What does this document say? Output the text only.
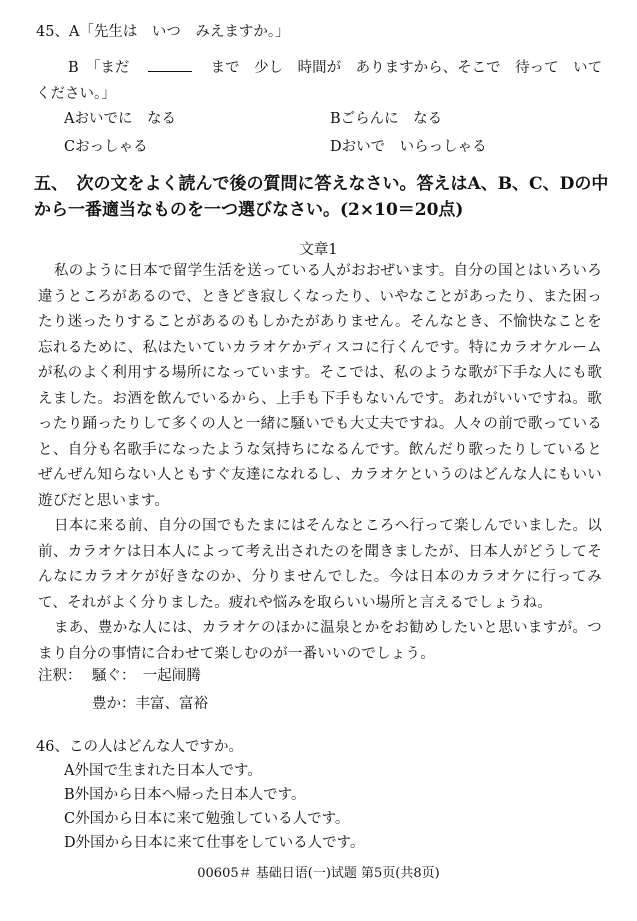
45、A「先生は　いつ　みえますか。」
B　「まだ	まで　少し　時間が　ありますから、そこで　待って　いて
ください。」
Aおいでに　なる	Bごらんに　なる
Cおっしゃる	Dおいで　いらっしゃる
五、　次の文をよく読んで後の質問に答えなさい。答えはA、B、C、Dの中
から一番適当なものを一つ選びなさい。(2×10＝20点)
文章1

私のように日本で留学生活を送っている人がおおぜいます。自分の国とはいろいろ違うところがあるので、ときどき寂しくなったり、いやなことがあったり、また困ったり迷ったりすることがあるのもしかたがありません。そんなとき、不愉快なことを忘れるために、私はたいていカラオケかディスコに行くんです。特にカラオケルームが私のよく利用する場所になっています。そこでは、私のような歌が下手な人にも歌えました。お酒を飲んでいるから、上手も下手もないんです。あれがいいですね。歌ったり踊ったりして多くの人と一緒に騒いでも大丈夫ですね。人々の前で歌っていると、自分も名歌手になったような気持ちになるんです。飲んだり歌ったりしているとぜんぜん知らない人ともすぐ友達になれるし、カラオケというのはどんな人にもいい遊びだと思います。

日本に来る前、自分の国でもたまにはそんなところへ行って楽しんでいました。以前、カラオケは日本人によって考え出されたのを聞きましたが、日本人がどうしてそんなにカラオケが好きなのか、分りませんでした。今は日本のカラオケに行ってみて、それがよく分りました。疲れや悩みを取らいい場所と言えるでしょうね。

まあ、豊かな人には、カラオケのほかに温泉とかをお勧めしたいと思いますが。つまり自分の事情に合わせて楽しむのが一番いいのでしょう。

注釈： 騒ぐ：　一起闹腾
豊か：丰富、富裕
46、この人はどんな人ですか。
A外国で生まれた日本人です。
B外国から日本へ帰った日本人です。
C外国から日本に来て勉強している人です。
D外国から日本に来て仕事をしている人です。
00605＃ 基础日语(一)试题 第5页(共8页)
